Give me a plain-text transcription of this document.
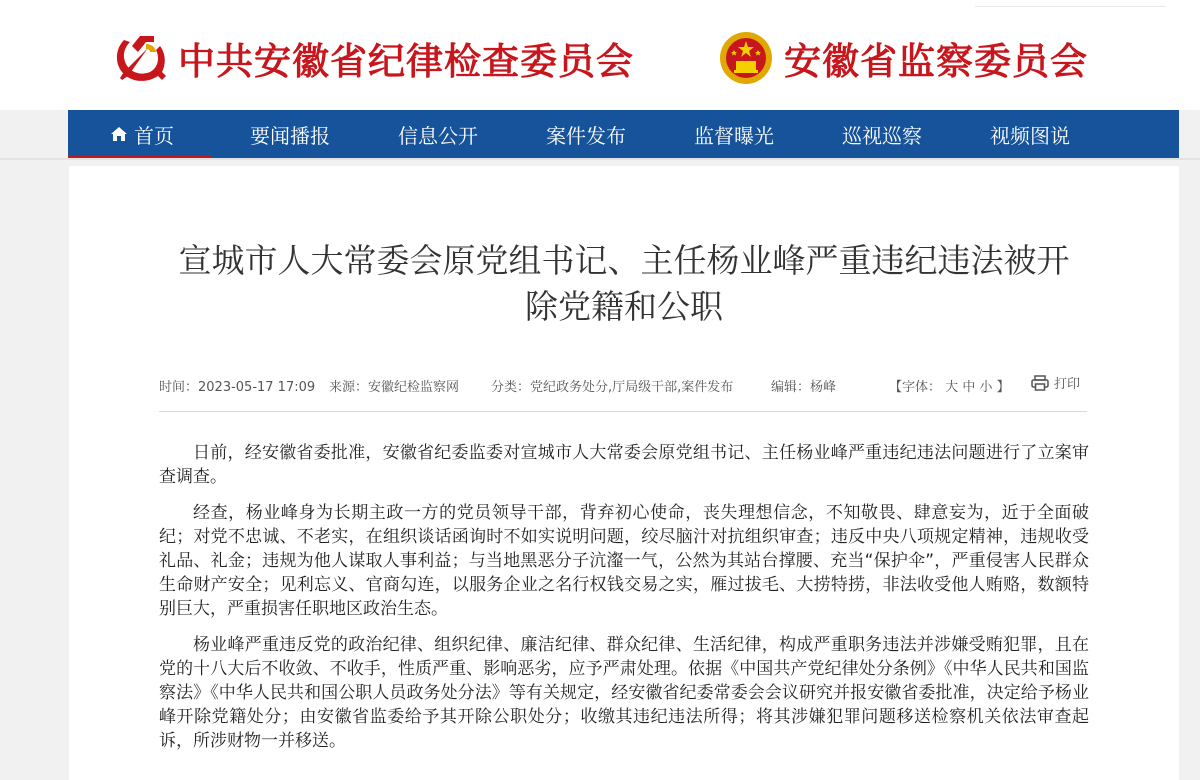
中共安徽省纪律检查委员会	安徽省监察委员会
首页	要闻播报	信息公开	案件发布	监督曝光	巡视巡察	视频图说
宣城市人大常委会原党组书记、主任杨业峰严重违纪违法被开
除党籍和公职
时间：2023-05-17 17:09 来源：安徽纪检监察网 分类：党纪政务处分,厅局级干部,案件发布	编辑：杨峰	【字体： 大 中 小 】	打印

日前，经安徽省委批准，安徽省纪委监委对宣城市人大常委会原党组书记、主任杨业峰严重违纪违法问题进行了立案审查调查。

经查，杨业峰身为长期主政一方的党员领导干部，背弃初心使命，丧失理想信念，不知敬畏、肆意妄为，近于全面破纪；对党不忠诚、不老实，在组织谈话函询时不如实说明问题，绞尽脑汁对抗组织审查；违反中央八项规定精神，违规收受礼品、礼金；违规为他人谋取人事利益；与当地黑恶分子沆瀣一气，公然为其站台撑腰、充当“保护伞”，严重侵害人民群众生命财产安全；见利忘义、官商勾连，以服务企业之名行权钱交易之实，雁过拔毛、大捞特捞，非法收受他人贿赂，数额特别巨大，严重损害任职地区政治生态。

杨业峰严重违反党的政治纪律、组织纪律、廉洁纪律、群众纪律、生活纪律，构成严重职务违法并涉嫌受贿犯罪，且在党的十八大后不收敛、不收手，性质严重、影响恶劣，应予严肃处理。依据《中国共产党纪律处分条例》《中华人民共和国监察法》《中华人民共和国公职人员政务处分法》等有关规定，经安徽省纪委常委会会议研究并报安徽省委批准，决定给予杨业峰开除党籍处分；由安徽省监委给予其开除公职处分；收缴其违纪违法所得；将其涉嫌犯罪问题移送检察机关依法审查起诉，所涉财物一并移送。
